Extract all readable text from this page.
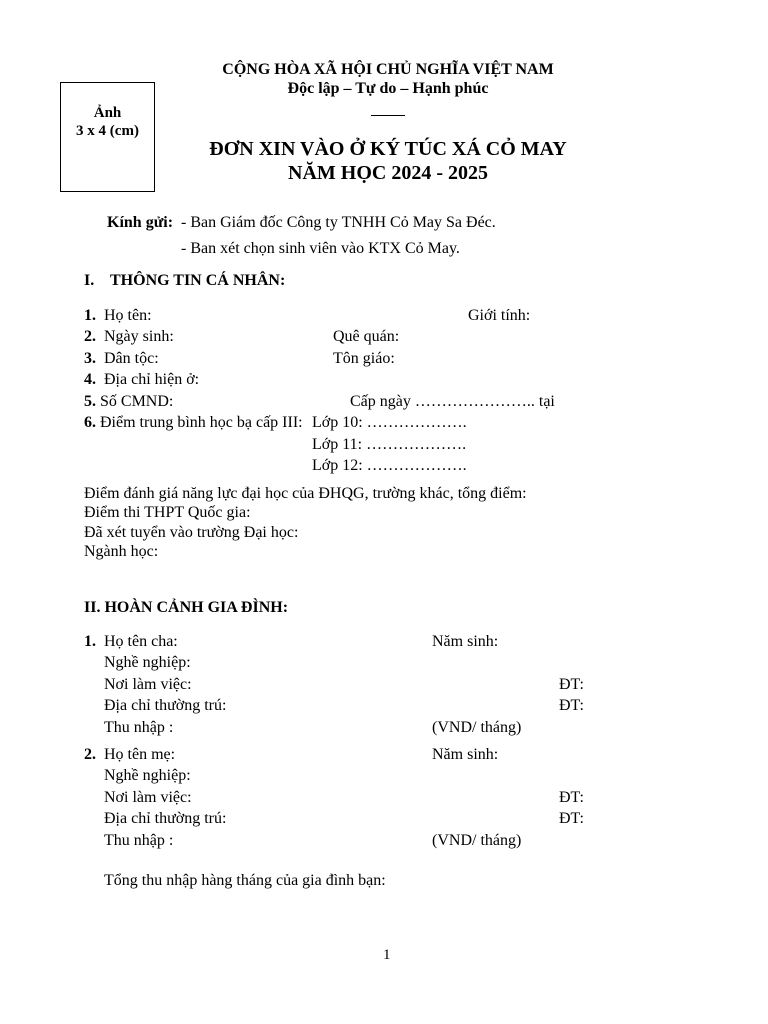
Ảnh
3 x 4 (cm)
CỘNG HÒA XÃ HỘI CHỦ NGHĨA VIỆT NAM
Độc lập – Tự do – Hạnh phúc
ĐƠN XIN VÀO Ở KÝ TÚC XÁ CỎ MAY
NĂM HỌC 2024 - 2025
Kính gửi: - Ban Giám đốc Công ty TNHH Cỏ May Sa Đéc.
- Ban xét chọn sinh viên vào KTX Cỏ May.
I. THÔNG TIN CÁ NHÂN:
1. Họ tên:	Giới tính:
2. Ngày sinh:	Quê quán:
3. Dân tộc:	Tôn giáo:
4. Địa chỉ hiện ở:
5. Số CMND:	Cấp ngày ………………….. tại
6. Điểm trung bình học bạ cấp III: Lớp 10: ……………….
Lớp 11: ……………….
Lớp 12: ……………….
Điểm đánh giá năng lực đại học của ĐHQG, trường khác, tổng điểm:
Điểm thi THPT Quốc gia:
Đã xét tuyển vào trường Đại học:
Ngành học:
II. HOÀN CẢNH GIA ĐÌNH:
1. Họ tên cha:	Năm sinh:
Nghề nghiệp:
Nơi làm việc:	ĐT:
Địa chỉ thường trú:	ĐT:
Thu nhập :	(VND/ tháng)
2. Họ tên mẹ:	Năm sinh:
Nghề nghiệp:
Nơi làm việc:	ĐT:
Địa chỉ thường trú:	ĐT:
Thu nhập :	(VND/ tháng)
Tổng thu nhập hàng tháng của gia đình bạn:
1
